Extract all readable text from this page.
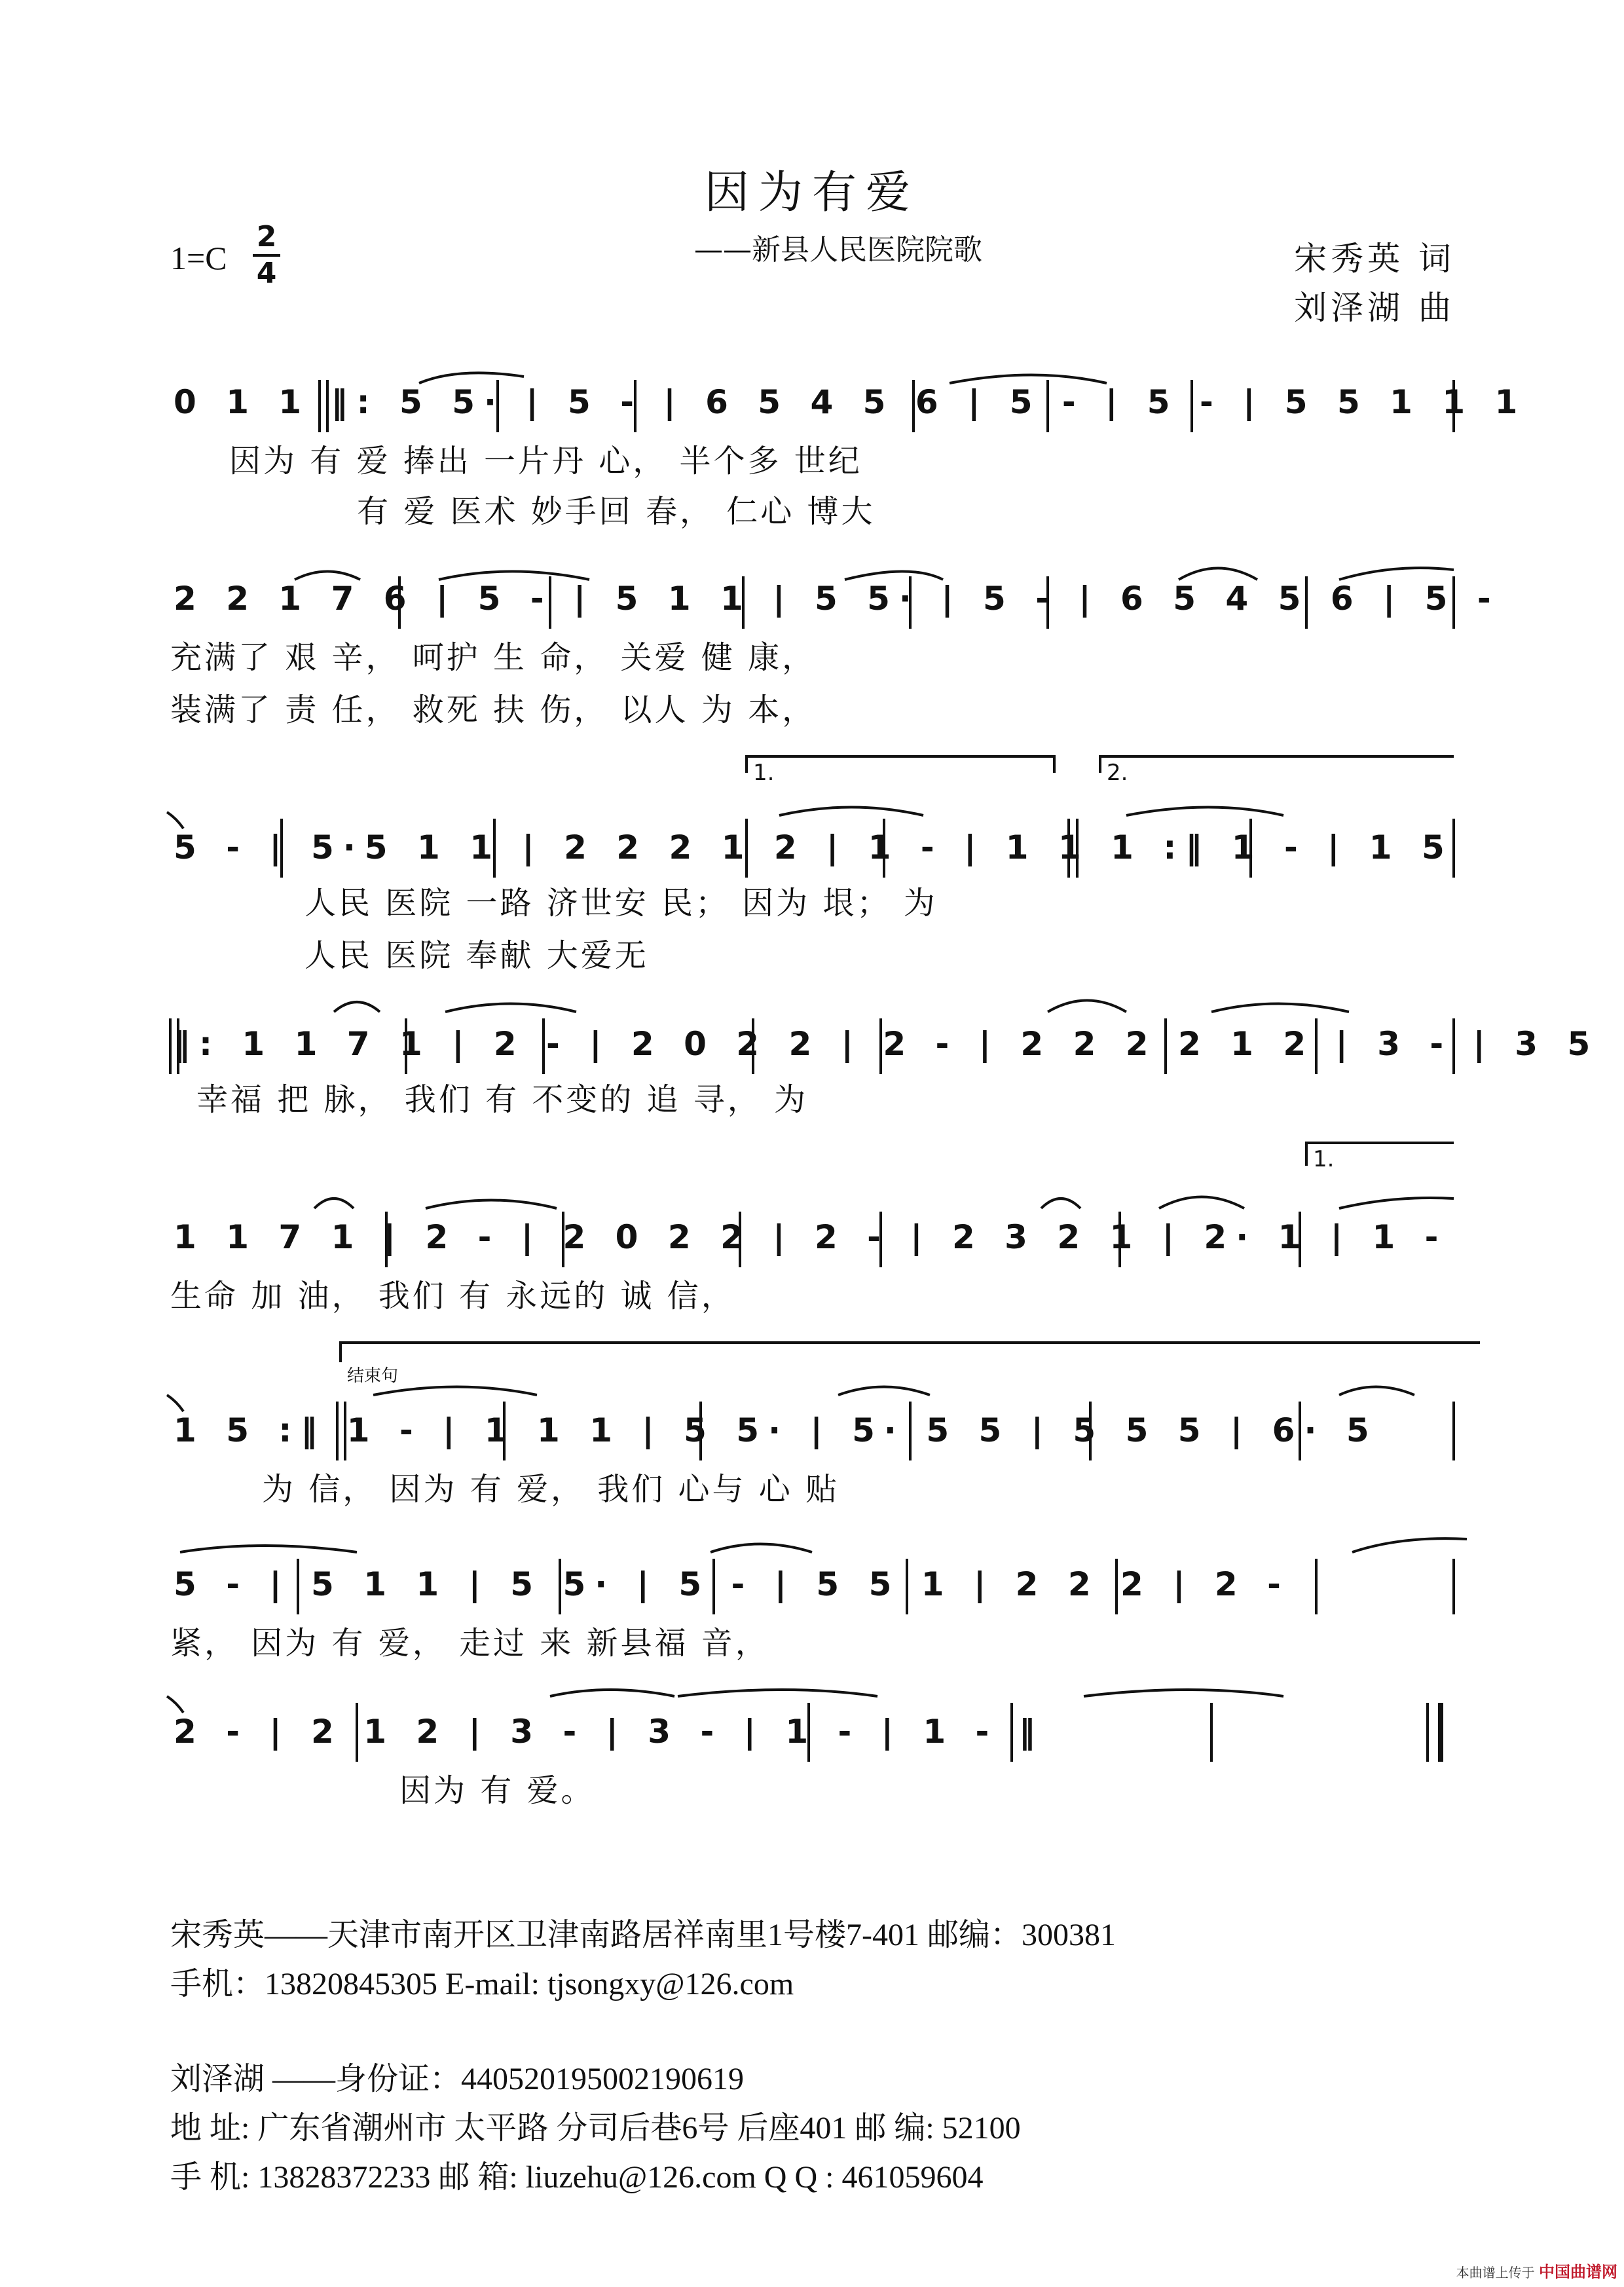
因为有爱
——新县人民医院院歌
1=C
2
4	宋秀英 词
刘泽湖 曲
1.	2.
1.
结束句
0 1 1 ‖: 5 5· | 5 - | 6 5 4 5 6 | 5 - | 5 - | 5 5 1 1 1
因为 有 爱 捧出 一片丹 心， 半个多 世纪
有 爱 医术 妙手回 春， 仁心 博大
2 2 1 7 6 | 5 - | 5 1 1 | 5 5· | 5 - | 6 5 4 5 6 | 5 -
充满了 艰 辛， 呵护 生 命， 关爱 健 康，
装满了 责 任， 救死 扶 伤， 以人 为 本，
5 - | 5·5 1 1 | 2 2 2 1 2 | 1 - | 1 1 1 :‖ 1 - | 1 5
人民 医院 一路 济世安 民； 因为 垠； 为
人民 医院 奉献 大爱无
‖: 1 1 7 1 | 2 - | 2 0 2 2 | 2 - | 2 2 2 2 1 2 | 3 - | 3 5
幸福 把 脉， 我们 有 不变的 追 寻， 为
1 1 7 1 | 2 - | 2 0 2 2 | 2 - | 2 3 2 1 | 2· 1 | 1 -
生命 加 油， 我们 有 永远的 诚 信，
1 5 :‖ 1 - | 1 1 1 | 5 5· | 5· 5 5 | 5 5 5 | 6· 5
为 信， 因为 有 爱， 我们 心与 心 贴
5 - | 5 1 1 | 5 5· | 5 - | 5 5 1 | 2 2 2 | 2 -
紧， 因为 有 爱， 走过 来 新县福 音，
2 - | 2 1 2 | 3 - | 3 - | 1 - | 1 - ‖
因为 有 爱。
宋秀英——天津市南开区卫津南路居祥南里1号楼7-401 邮编：300381
手机：13820845305 E-mail: tjsongxy@126.com
刘泽湖 ——身份证：440520195002190619
地 址: 广东省潮州市 太平路 分司后巷6号 后座401 邮 编: 52100
手 机: 13828372233 邮 箱: liuzehu@126.com Q Q : 461059604
本曲谱上传于 中国曲谱网
